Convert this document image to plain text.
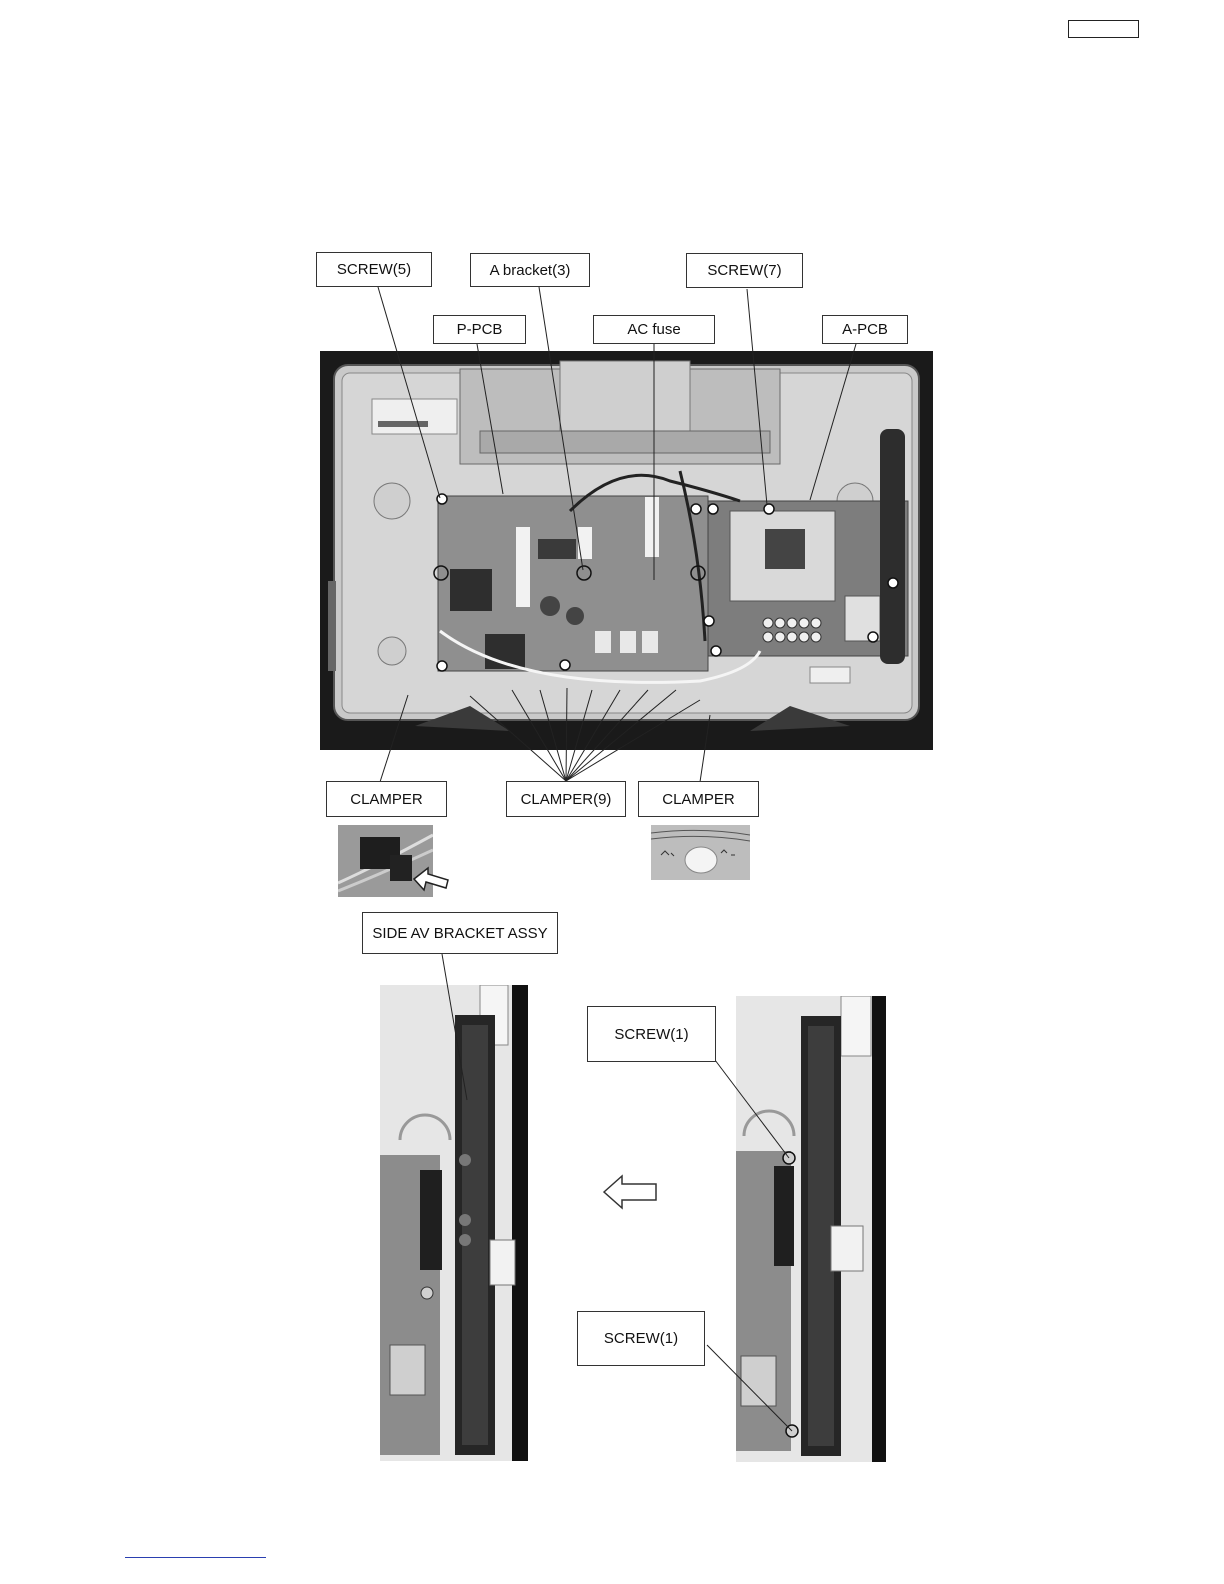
SCREW(5)	A bracket(3)	SCREW(7)
P-PCB	AC fuse	A-PCB
CLAMPER	CLAMPER(9)	CLAMPER
SIDE AV BRACKET ASSY
SCREW(1)
SCREW(1)
